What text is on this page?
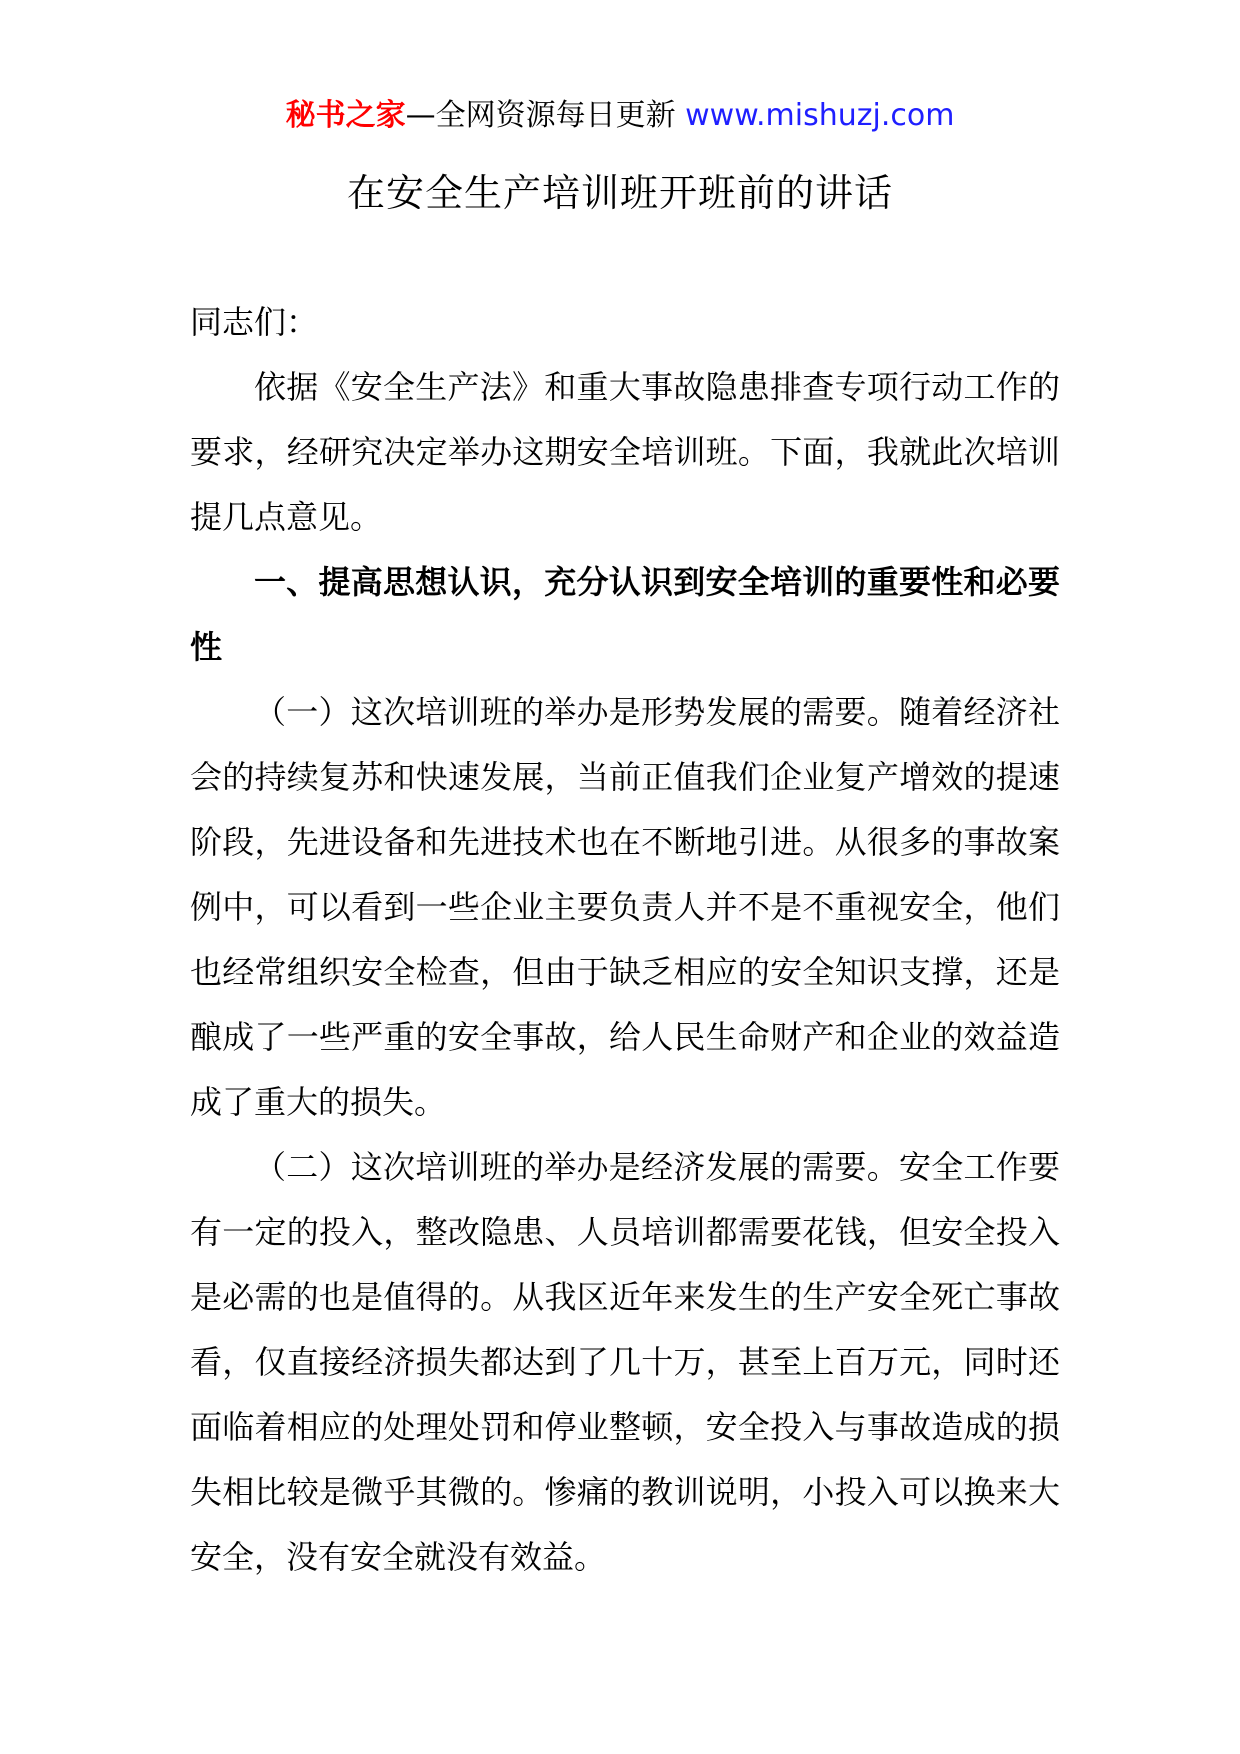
秘书之家—全网资源每日更新 www.mishuzj.com
在安全生产培训班开班前的讲话

同志们：

依据《安全生产法》和重大事故隐患排查专项行动工作的要求，经研究决定举办这期安全培训班。下面，我就此次培训提几点意见。

一、提高思想认识，充分认识到安全培训的重要性和必要性

（一）这次培训班的举办是形势发展的需要。随着经济社会的持续复苏和快速发展，当前正值我们企业复产增效的提速阶段，先进设备和先进技术也在不断地引进。从很多的事故案例中，可以看到一些企业主要负责人并不是不重视安全，他们也经常组织安全检查，但由于缺乏相应的安全知识支撑，还是酿成了一些严重的安全事故，给人民生命财产和企业的效益造成了重大的损失。

（二）这次培训班的举办是经济发展的需要。安全工作要有一定的投入，整改隐患、人员培训都需要花钱，但安全投入是必需的也是值得的。从我区近年来发生的生产安全死亡事故看，仅直接经济损失都达到了几十万，甚至上百万元，同时还面临着相应的处理处罚和停业整顿，安全投入与事故造成的损失相比较是微乎其微的。惨痛的教训说明，小投入可以换来大安全，没有安全就没有效益。
